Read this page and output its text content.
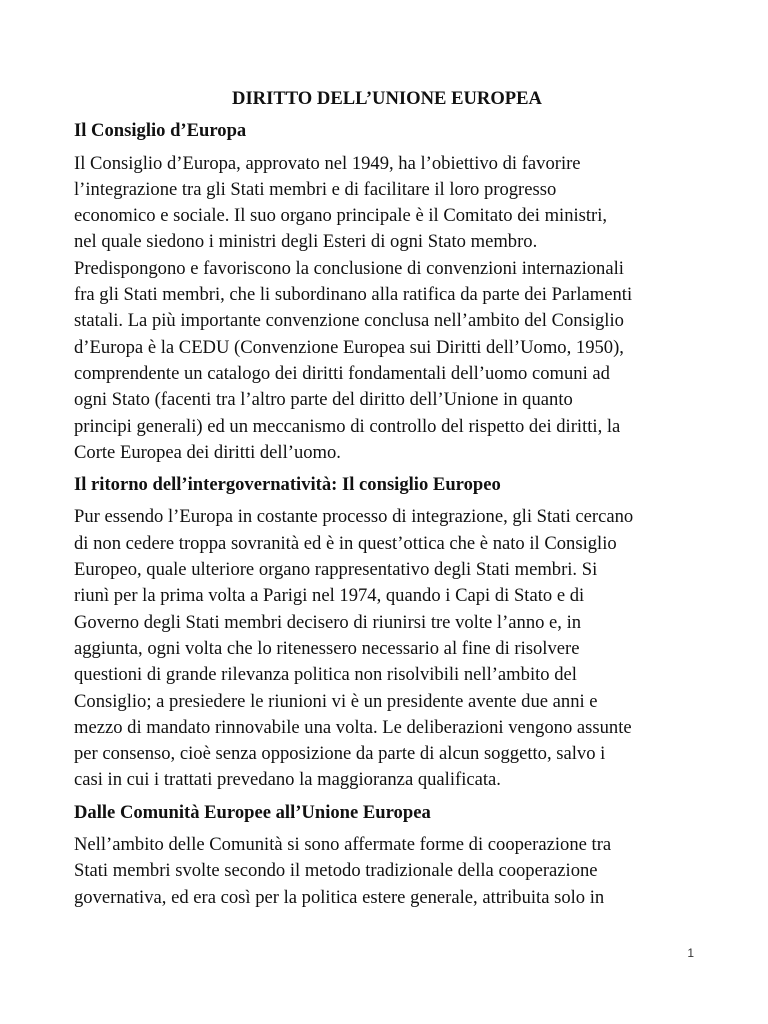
DIRITTO DELL’UNIONE EUROPEA
Il Consiglio d’Europa
Il Consiglio d’Europa, approvato nel 1949, ha l’obiettivo di favorire
l’integrazione tra gli Stati membri e di facilitare il loro progresso
economico e sociale. Il suo organo principale è il Comitato dei ministri,
nel quale siedono i ministri degli Esteri di ogni Stato membro.
Predispongono e favoriscono la conclusione di convenzioni internazionali
fra gli Stati membri, che li subordinano alla ratifica da parte dei Parlamenti
statali. La più importante convenzione conclusa nell’ambito del Consiglio
d’Europa è la CEDU (Convenzione Europea sui Diritti dell’Uomo, 1950),
comprendente un catalogo dei diritti fondamentali dell’uomo comuni ad
ogni Stato (facenti tra l’altro parte del diritto dell’Unione in quanto
principi generali) ed un meccanismo di controllo del rispetto dei diritti, la
Corte Europea dei diritti dell’uomo.
Il ritorno dell’intergovernatività: Il consiglio Europeo
Pur essendo l’Europa in costante processo di integrazione, gli Stati cercano
di non cedere troppa sovranità ed è in quest’ottica che è nato il Consiglio
Europeo, quale ulteriore organo rappresentativo degli Stati membri. Si
riunì per la prima volta a Parigi nel 1974, quando i Capi di Stato e di
Governo degli Stati membri decisero di riunirsi tre volte l’anno e, in
aggiunta, ogni volta che lo ritenessero necessario al fine di risolvere
questioni di grande rilevanza politica non risolvibili nell’ambito del
Consiglio; a presiedere le riunioni vi è un presidente avente due anni e
mezzo di mandato rinnovabile una volta. Le deliberazioni vengono assunte
per consenso, cioè senza opposizione da parte di alcun soggetto, salvo i
casi in cui i trattati prevedano la maggioranza qualificata.
Dalle Comunità Europee all’Unione Europea
Nell’ambito delle Comunità si sono affermate forme di cooperazione tra
Stati membri svolte secondo il metodo tradizionale della cooperazione
governativa, ed era così per la politica estere generale, attribuita solo in
1
